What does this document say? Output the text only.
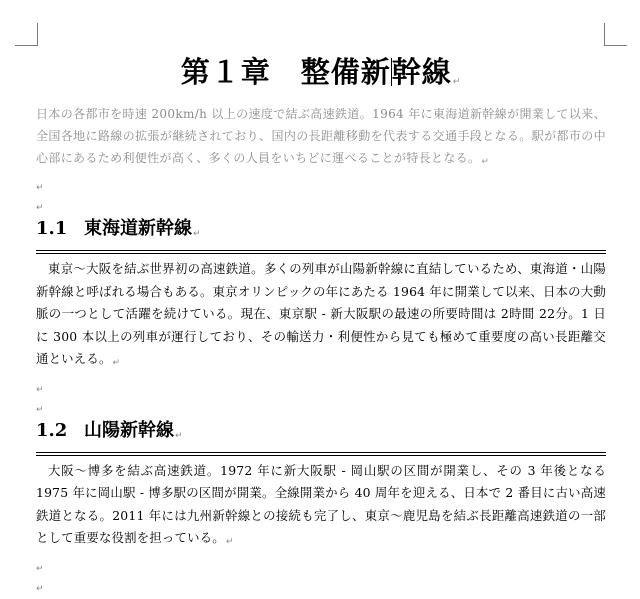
第１章　整備新幹線↵
日本の各都市を時速 200km/h 以上の速度で結ぶ高速鉄道。1964 年に東海道新幹線が開業して以来、全国各地に路線の拡張が継続されており、国内の長距離移動を代表する交通手段となる。駅が都市の中心部にあるため利便性が高く、多くの人員をいちどに運べることが特長となる。↵
↵
↵
1.1 東海道新幹線↵
東京～大阪を結ぶ世界初の高速鉄道。多くの列車が山陽新幹線に直結しているため、東海道・山陽新幹線と呼ばれる場合もある。東京オリンピックの年にあたる 1964 年に開業して以来、日本の大動脈の一つとして活躍を続けている。現在、東京駅 - 新大阪駅の最速の所要時間は 2時間 22分。1 日に 300 本以上の列車が運行しており、その輸送力・利便性から見ても極めて重要度の高い長距離交通といえる。↵
↵
↵
1.2 山陽新幹線↵
大阪～博多を結ぶ高速鉄道。1972 年に新大阪駅 - 岡山駅の区間が開業し、その 3 年後となる 1975 年に岡山駅 - 博多駅の区間が開業。全線開業から 40 周年を迎える、日本で 2 番目に古い高速鉄道となる。2011 年には九州新幹線との接続も完了し、東京～鹿児島を結ぶ長距離高速鉄道の一部として重要な役割を担っている。↵
↵
↵
